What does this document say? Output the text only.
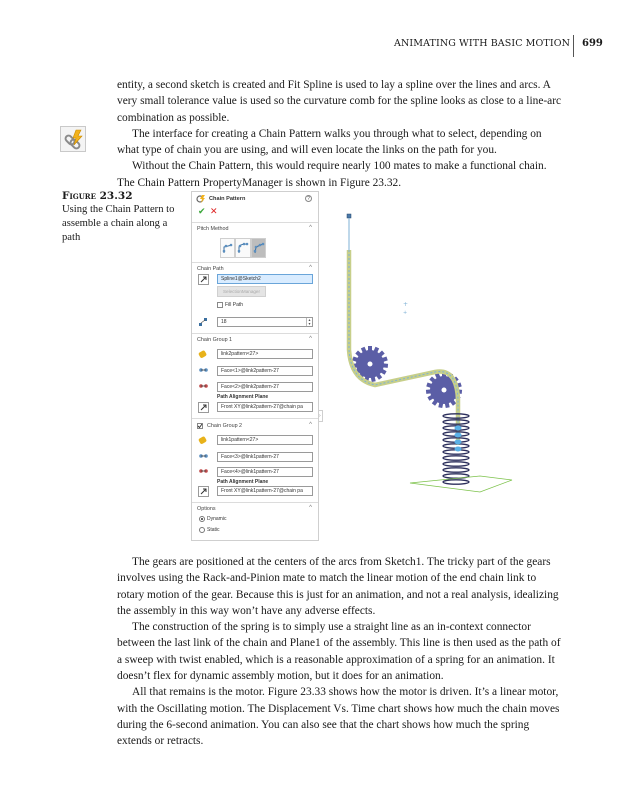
ANIMATING WITH BASIC MOTION 699

entity, a second sketch is created and Fit Spline is used to lay a spline over the lines and arcs. A very small tolerance value is used so the curvature comb for the spline looks as close to a line-arc combination as possible.

The interface for creating a Chain Pattern walks you through what to select, depending on what type of chain you are using, and will even locate the links on the path for you.

Without the Chain Pattern, this would require nearly 100 mates to make a functional chain. The Chain Pattern PropertyManager is shown in Figure 23.32.

Figure 23.32
Using the Chain Pattern to assemble a chain along a path
Chain Pattern	?
✔ ✕
Pitch Method	^
Chain Path	^
Spline1@Sketch2
SelectionManager
Fill Path
18	▴
▾
Chain Group 1	^
link2pattern<27>
Face<1>@link2pattern-27
Face<2>@link2pattern-27
Path Alignment Plane
Front XY@link2pattern-27@chain pa
Chain Group 2	^
link1pattern<27>
Face<3>@link1pattern-27
Face<4>@link1pattern-27
Path Alignment Plane
Front XY@link1pattern-27@chain pa
Options	^
Dynamic
Static
›
+
+

The gears are positioned at the centers of the arcs from Sketch1. The tricky part of the gears involves using the Rack-and-Pinion mate to match the linear motion of the end chain link to rotary motion of the gear. Because this is just for an animation, and not a real analysis, idealizing the assembly in this way won’t have any adverse effects.

The construction of the spring is to simply use a straight line as an in-context connector between the last link of the chain and Plane1 of the assembly. This line is then used as the path of a sweep with twist enabled, which is a reasonable approximation of a spring for an animation. It doesn’t flex for dynamic assembly motion, but it does for an animation.

All that remains is the motor. Figure 23.33 shows how the motor is driven. It’s a linear motor, with the Oscillating motion. The Displacement Vs. Time chart shows how much the chain moves during the 6-second animation. You can also see that the chart shows how much the spring extends or retracts.
